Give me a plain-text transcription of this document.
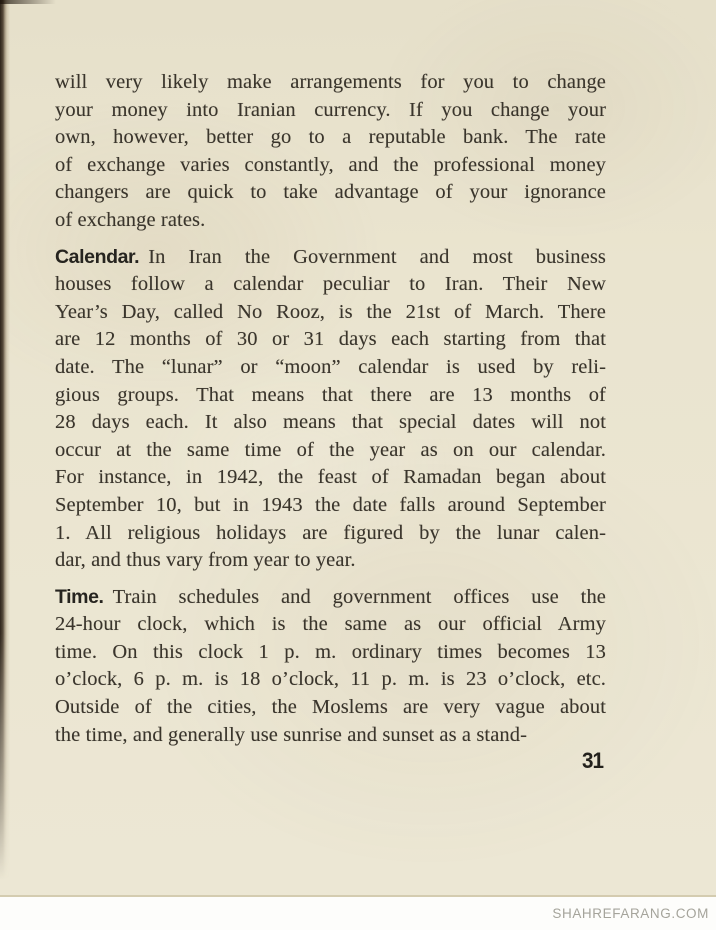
will very likely make arrangements for you to change
your money into Iranian currency. If you change your
own, however, better go to a reputable bank. The rate
of exchange varies constantly, and the professional money
changers are quick to take advantage of your ignorance
of exchange rates.
Calendar. In Iran the Government and most business
houses follow a calendar peculiar to Iran. Their New
Year’s Day, called No Rooz, is the 21st of March. There
are 12 months of 30 or 31 days each starting from that
date. The “lunar” or “moon” calendar is used by reli-
gious groups. That means that there are 13 months of
28 days each. It also means that special dates will not
occur at the same time of the year as on our calendar.
For instance, in 1942, the feast of Ramadan began about
September 10, but in 1943 the date falls around September
1. All religious holidays are figured by the lunar calen-
dar, and thus vary from year to year.
Time. Train schedules and government offices use the
24-hour clock, which is the same as our official Army
time. On this clock 1 p. m. ordinary times becomes 13
o’clock, 6 p. m. is 18 o’clock, 11 p. m. is 23 o’clock, etc.
Outside of the cities, the Moslems are very vague about
the time, and generally use sunrise and sunset as a stand-
31
SHAHREFARANG.COM
